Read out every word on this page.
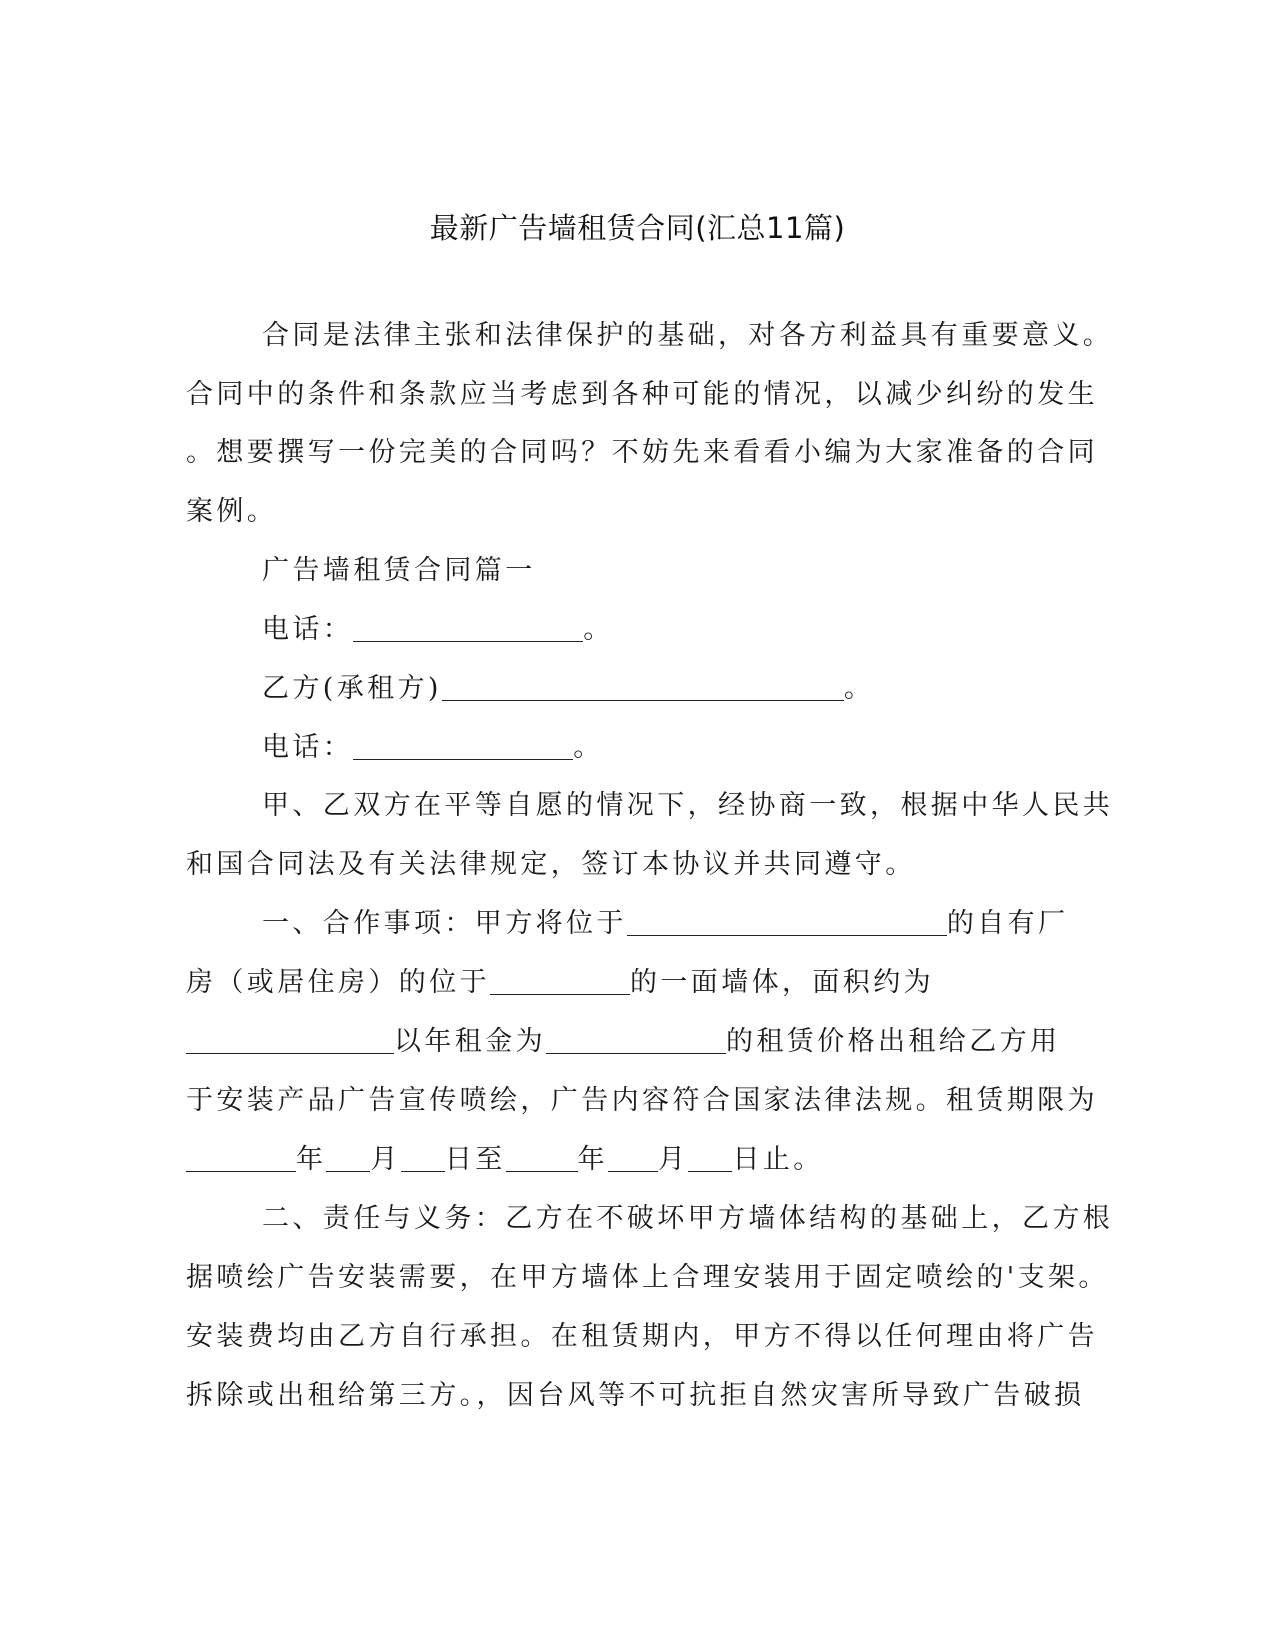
最新广告墙租赁合同(汇总11篇)
合同是法律主张和法律保护的基础，对各方利益具有重要意义。
合同中的条件和条款应当考虑到各种可能的情况，以减少纠纷的发生
。想要撰写一份完美的合同吗？不妨先来看看小编为大家准备的合同
案例。
广告墙租赁合同篇一
电话：	。
乙方(承租方)	。
电话：	。
甲、乙双方在平等自愿的情况下，经协商一致，根据中华人民共
和国合同法及有关法律规定，签订本协议并共同遵守。
一、合作事项：甲方将位于	的自有厂
房（或居住房）的位于	的一面墙体，面积约为
以年租金为	的租赁价格出租给乙方用
于安装产品广告宣传喷绘，广告内容符合国家法律法规。租赁期限为
年 月 日至	年 月 日止。
二、责任与义务：乙方在不破坏甲方墙体结构的基础上，乙方根
据喷绘广告安装需要，在甲方墙体上合理安装用于固定喷绘的'支架。
安装费均由乙方自行承担。在租赁期内，甲方不得以任何理由将广告
拆除或出租给第三方。，因台风等不可抗拒自然灾害所导致广告破损
